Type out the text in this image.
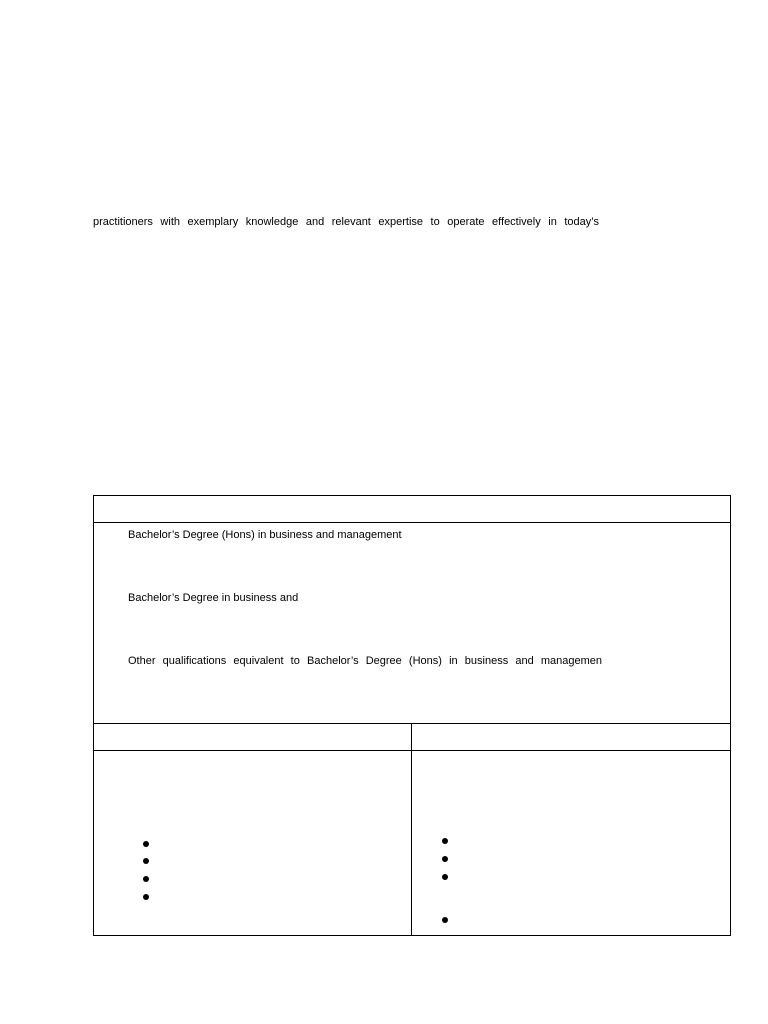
practitioners with exemplary knowledge and relevant expertise to operate effectively in today’s
Bachelor’s Degree (Hons) in business and management
Bachelor’s Degree in business and
Other qualifications equivalent to Bachelor’s Degree (Hons) in business and managemen
